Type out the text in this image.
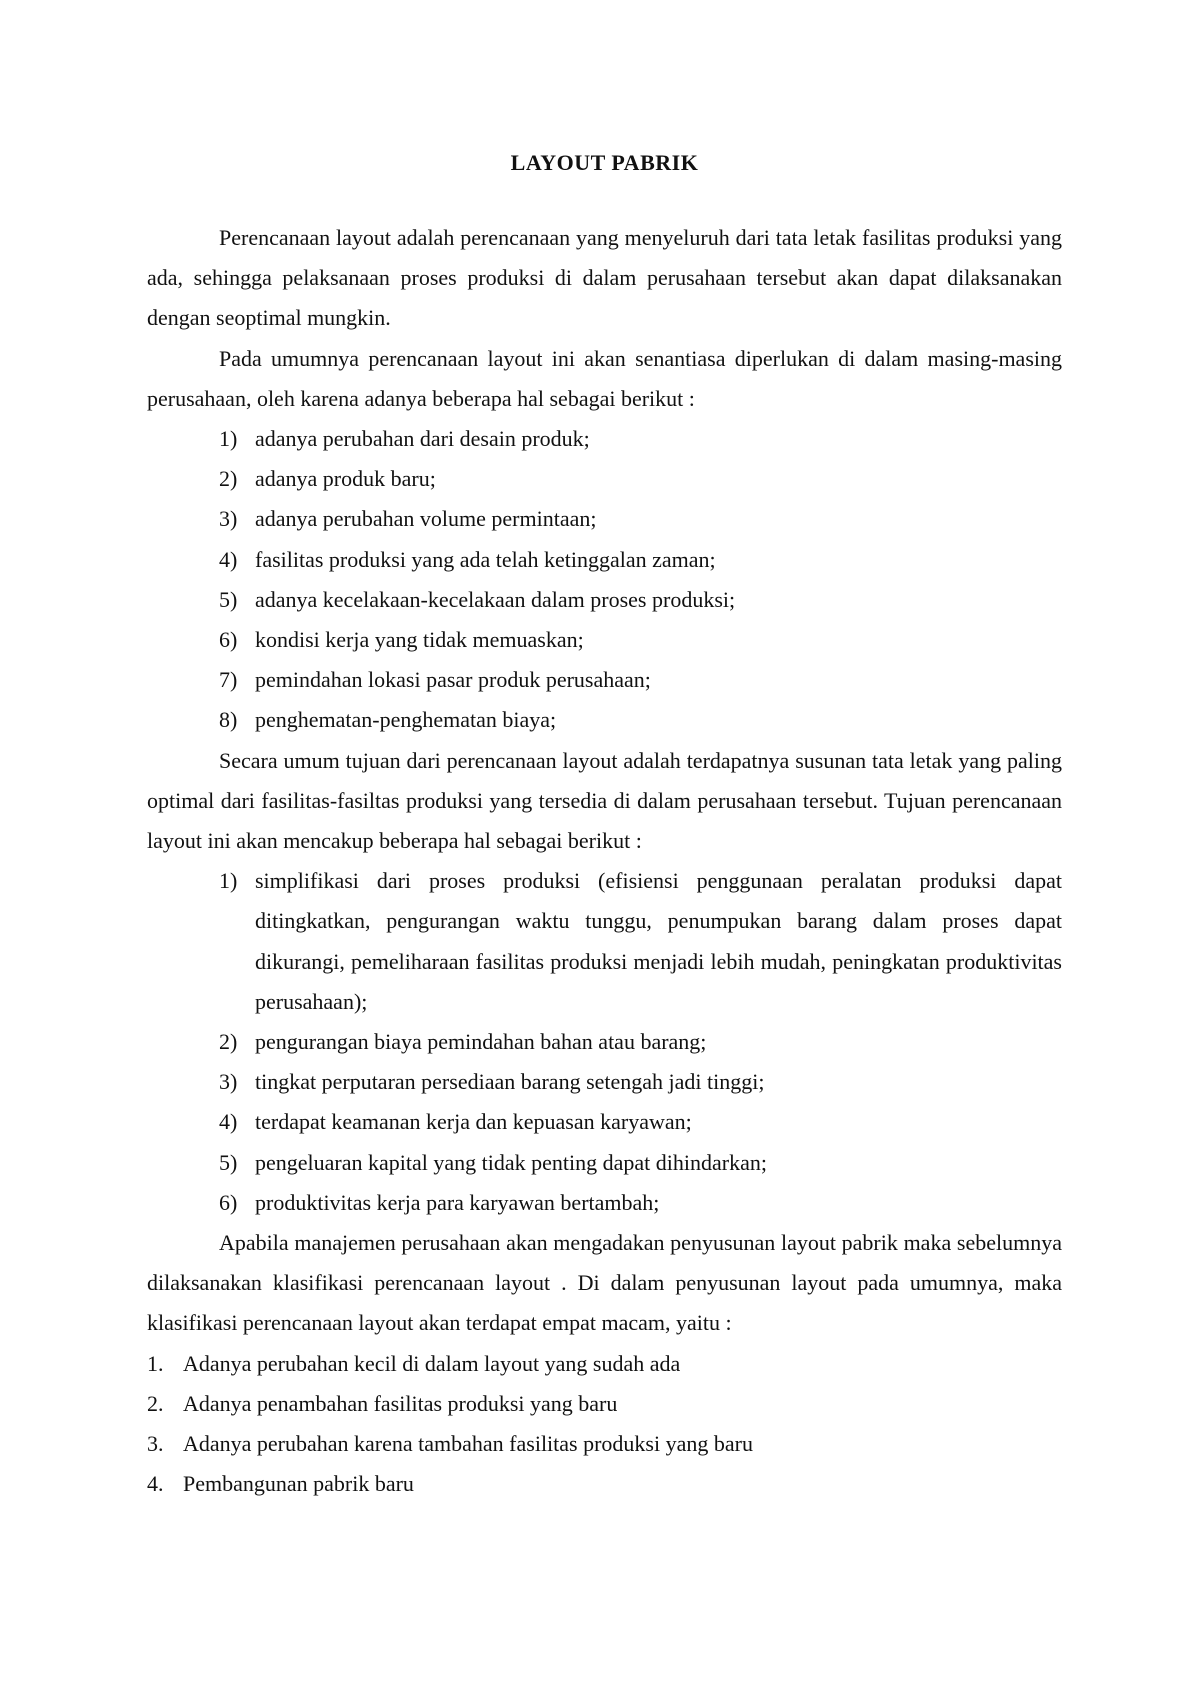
LAYOUT PABRIK

Perencanaan layout adalah perencanaan yang menyeluruh dari tata letak fasilitas produksi yang ada, sehingga pelaksanaan proses produksi di dalam perusahaan tersebut akan dapat dilaksanakan dengan seoptimal mungkin.

Pada umumnya perencanaan layout ini akan senantiasa diperlukan di dalam masing-masing perusahaan, oleh karena adanya beberapa hal sebagai berikut :

1) adanya perubahan dari desain produk;
2) adanya produk baru;
3) adanya perubahan volume permintaan;
4) fasilitas produksi yang ada telah ketinggalan zaman;
5) adanya kecelakaan-kecelakaan dalam proses produksi;
6) kondisi kerja yang tidak memuaskan;
7) pemindahan lokasi pasar produk perusahaan;
8) penghematan-penghematan biaya;

Secara umum tujuan dari perencanaan layout adalah terdapatnya susunan tata letak yang paling optimal dari fasilitas-fasiltas produksi yang tersedia di dalam perusahaan tersebut. Tujuan perencanaan layout ini akan mencakup beberapa hal sebagai berikut :

1) simplifikasi dari proses produksi (efisiensi penggunaan peralatan produksi dapat ditingkatkan, pengurangan waktu tunggu, penumpukan barang dalam proses dapat dikurangi, pemeliharaan fasilitas produksi menjadi lebih mudah, peningkatan produktivitas perusahaan);
2) pengurangan biaya pemindahan bahan atau barang;
3) tingkat perputaran persediaan barang setengah jadi tinggi;
4) terdapat keamanan kerja dan kepuasan karyawan;
5) pengeluaran kapital yang tidak penting dapat dihindarkan;
6) produktivitas kerja para karyawan bertambah;

Apabila manajemen perusahaan akan mengadakan penyusunan layout pabrik maka sebelumnya dilaksanakan klasifikasi perencanaan layout . Di dalam penyusunan layout pada umumnya, maka klasifikasi perencanaan layout akan terdapat empat macam, yaitu :

1. Adanya perubahan kecil di dalam layout yang sudah ada
2. Adanya penambahan fasilitas produksi yang baru
3. Adanya perubahan karena tambahan fasilitas produksi yang baru
4. Pembangunan pabrik baru
